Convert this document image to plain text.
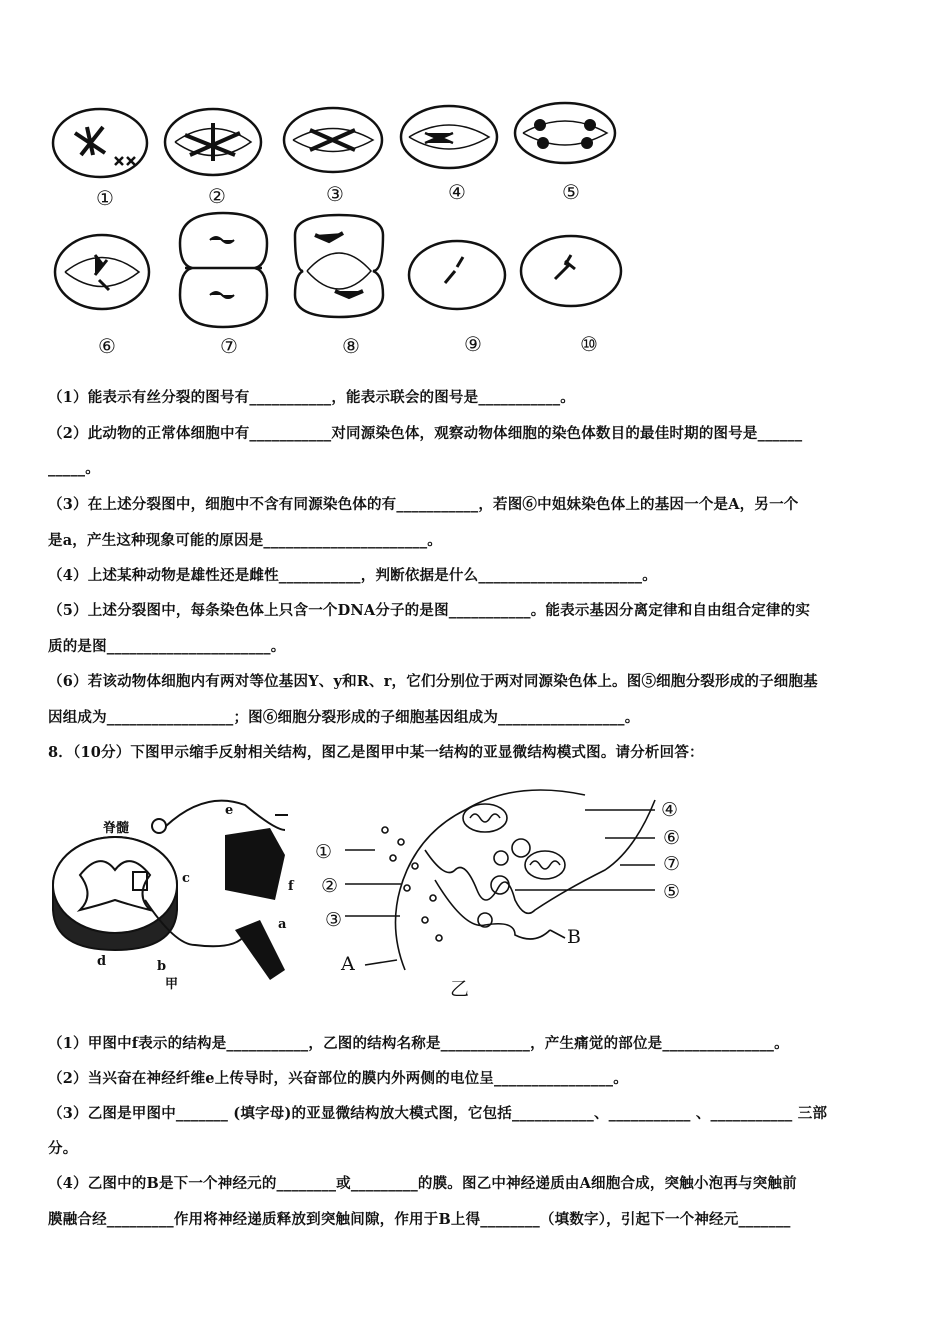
①	②	③	④	⑤
⑥	⑦	⑧	⑨	⑩
（1）能表示有丝分裂的图号有___________，能表示联会的图号是___________。
（2）此动物的正常体细胞中有___________对同源染色体，观察动物体细胞的染色体数目的最佳时期的图号是______
_____。
（3）在上述分裂图中，细胞中不含有同源染色体的有___________，若图⑥中姐妹染色体上的基因一个是A，另一个
是a，产生这种现象可能的原因是______________________。
（4）上述某种动物是雄性还是雌性___________，判断依据是什么______________________。
（5）上述分裂图中，每条染色体上只含一个DNA分子的是图___________。能表示基因分离定律和自由组合定律的实
质的是图______________________。
（6）若该动物体细胞内有两对等位基因Y、y和R、r，它们分别位于两对同源染色体上。图⑤细胞分裂形成的子细胞基
因组成为_________________；图⑥细胞分裂形成的子细胞基因组成为_________________。
8．（10分）下图甲示缩手反射相关结构，图乙是图甲中某一结构的亚显微结构模式图。请分析回答：
脊髓
a
b
c
d
e
f
甲
①
②
③
④
⑤
⑥
⑦
A
B
乙
（1）甲图中f表示的结构是___________，乙图的结构名称是____________，产生痛觉的部位是_______________。
（2）当兴奋在神经纤维e上传导时，兴奋部位的膜内外两侧的电位呈________________。
（3）乙图是甲图中_______ (填字母)的亚显微结构放大模式图，它包括___________、___________ 、___________ 三部
分。
（4）乙图中的B是下一个神经元的________或_________的膜。图乙中神经递质由A细胞合成，突触小泡再与突触前
膜融合经_________作用将神经递质释放到突触间隙，作用于B上得________（填数字），引起下一个神经元_______
